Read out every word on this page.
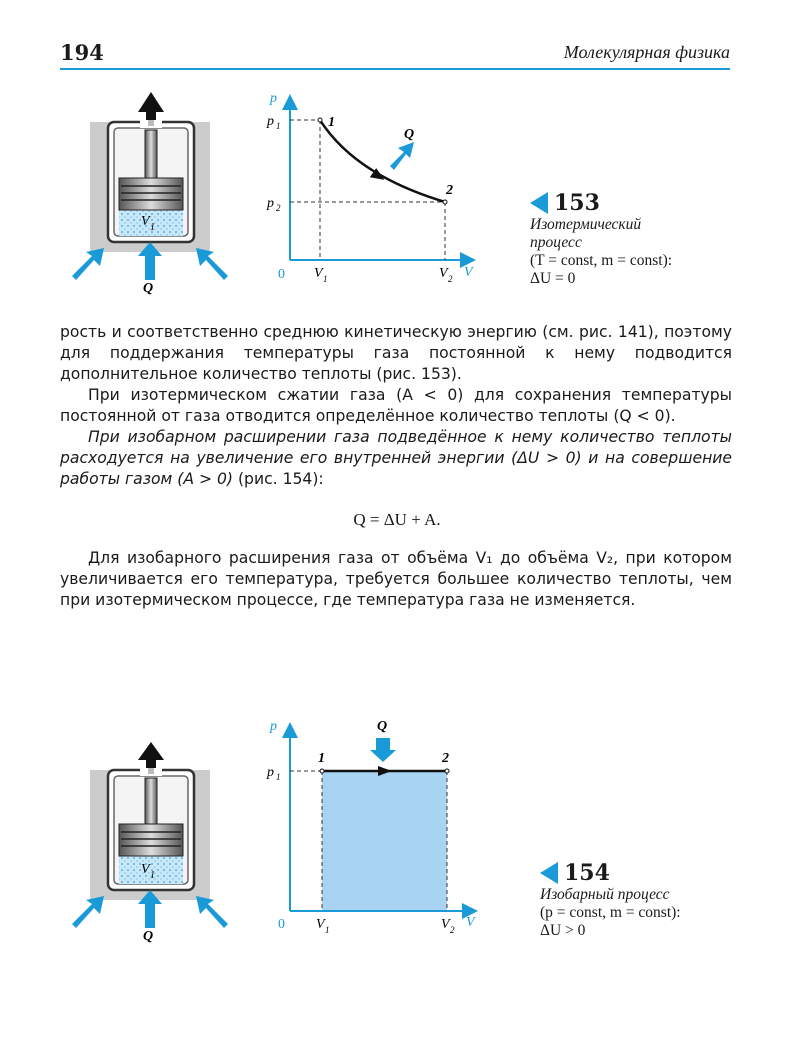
194	Молекулярная физика
V 1
Q
p
V
0
p 1
p 2
V 1	V 2
1
2
Q
153
Изотермический
процесс
(T = const, m = const):
ΔU = 0

рость и соответственно среднюю кинетическую энергию (см. рис. 141), поэтому для поддержания температуры газа постоянной к нему подводится дополнительное количество теплоты (рис. 153).

При изотермическом сжатии газа (A < 0) для сохранения температуры постоянной от газа отводится определённое количество теплоты (Q < 0).

При изобарном расширении газа подведённое к нему количество теплоты расходуется на увеличение его внутренней энергии (ΔU > 0) и на совершение работы газом (A > 0) (рис. 154):

Q = ΔU + A.

Для изобарного расширения газа от объёма V₁ до объёма V₂, при котором увеличивается его температура, требуется большее количество теплоты, чем при изотермическом процессе, где температура газа не изменяется.

V 1
Q
p
V
0
p 1
V 1	V 2
1	2
Q
154
Изобарный процесс
(p = const, m = const):
ΔU > 0
